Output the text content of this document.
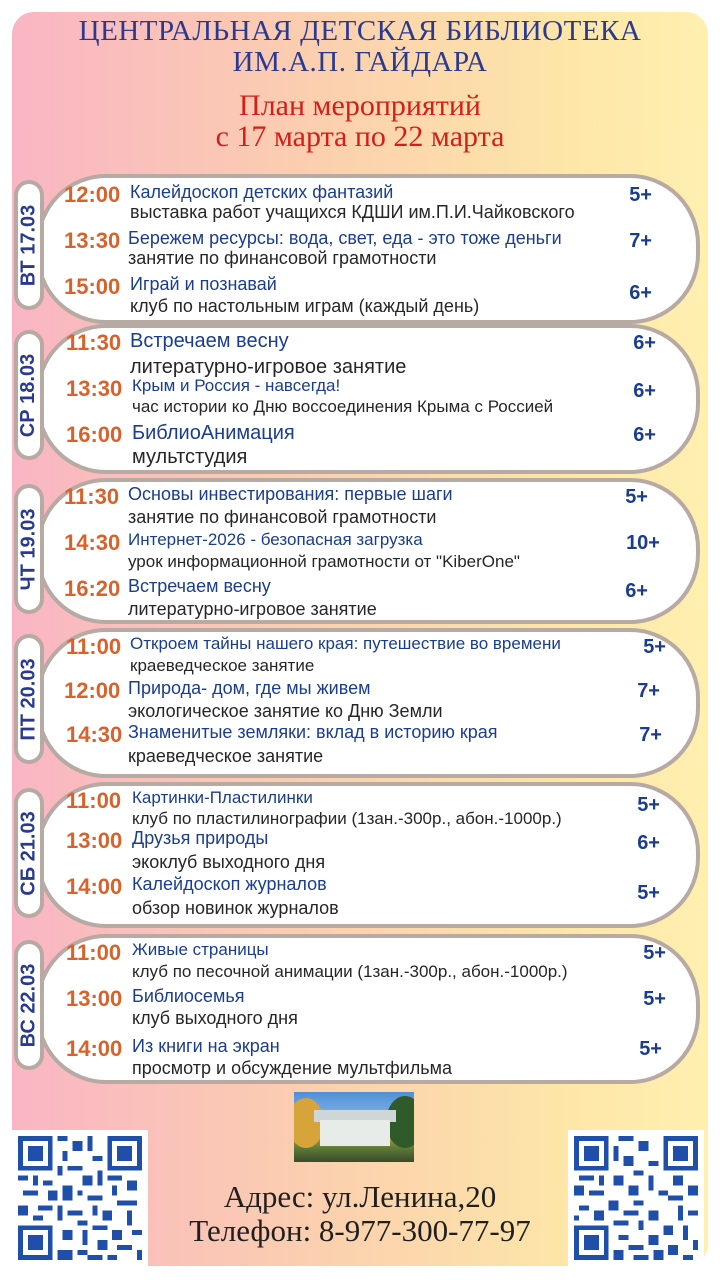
ЦЕНТРАЛЬНАЯ ДЕТСКАЯ БИБЛИОТЕКА
ИМ.А.П. ГАЙДАРА
План мероприятий
с 17 марта по 22 марта
ВТ 17.03
12:00 Калейдоскоп детских фантазий
выставка работ учащихся КДШИ им.П.И.Чайковского
5+
13:30 Бережем ресурсы: вода, свет, еда - это тоже деньги
занятие по финансовой грамотности
7+
15:00 Играй и познавай
клуб по настольным играм (каждый день)
6+
СР 18.03
11:30 Встречаем весну
литературно-игровое занятие
6+
13:30 Крым и Россия - навсегда!
час истории ко Дню воссоединения Крыма с Россией
6+
16:00 БиблиоАнимация
мультстудия
6+
ЧТ 19.03
11:30 Основы инвестирования: первые шаги
занятие по финансовой грамотности
5+
14:30 Интернет-2026 - безопасная загрузка
урок информационной грамотности от "KiberOne"
10+
16:20 Встречаем весну
литературно-игровое занятие
6+
ПТ 20.03
11:00 Откроем тайны нашего края: путешествие во времени
краеведческое занятие
5+
12:00 Природа- дом, где мы живем
экологическое занятие ко Дню Земли
7+
14:30 Знаменитые земляки: вклад в историю края
краеведческое занятие
7+
СБ 21.03
11:00 Картинки-Пластилинки
клуб по пластилинографии (1зан.-300р., абон.-1000р.)
5+
13:00 Друзья природы
экоклуб выходного дня
6+
14:00 Калейдоскоп журналов
обзор новинок журналов
5+
ВС 22.03
11:00 Живые страницы
клуб по песочной анимации (1зан.-300р., абон.-1000р.)
5+
13:00 Библиосемья
клуб выходного дня
5+
14:00 Из книги на экран
просмотр и обсуждение мультфильма
5+
Адрес: ул.Ленина,20
Телефон: 8-977-300-77-97
